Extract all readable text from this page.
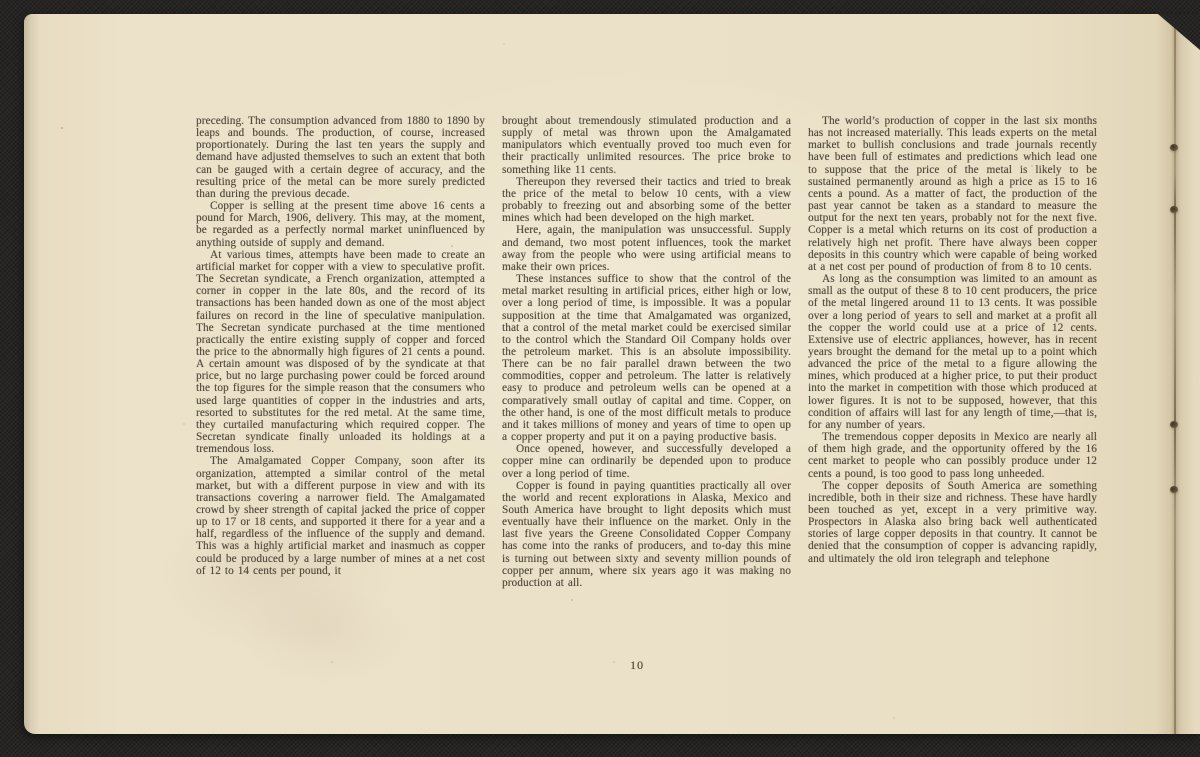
preceding. The consumption advanced from 1880 to 1890 by leaps and bounds. The production, of course, increased proportionately. During the last ten years the supply and demand have adjusted themselves to such an extent that both can be gauged with a certain degree of accuracy, and the resulting price of the metal can be more surely predicted than during the previous decade.

Copper is selling at the present time above 16 cents a pound for March, 1906, delivery. This may, at the moment, be regarded as a perfectly normal market uninfluenced by anything outside of supply and demand.

At various times, attempts have been made to create an artificial market for copper with a view to speculative profit. The Secretan syndicate, a French organization, attempted a corner in copper in the late 80s, and the record of its transactions has been handed down as one of the most abject failures on record in the line of speculative manipulation. The Secretan syndicate purchased at the time mentioned practically the entire existing supply of copper and forced the price to the abnormally high figures of 21 cents a pound. A certain amount was disposed of by the syndicate at that price, but no large purchasing power could be forced around the top figures for the simple reason that the consumers who used large quantities of copper in the industries and arts, resorted to substitutes for the red metal. At the same time, they curtailed manufacturing which required copper. The Secretan syndicate finally unloaded its holdings at a tremendous loss.

The Amalgamated Copper Company, soon after its organization, attempted a similar control of the metal market, but with a different purpose in view and with its transactions covering a narrower field. The Amalgamated crowd by sheer strength of capital jacked the price of copper up to 17 or 18 cents, and supported it there for a year and a half, regardless of the influence of the supply and demand. This was a highly artificial market and inasmuch as copper could be produced by a large number of mines at a net cost of 12 to 14 cents per pound, it

brought about tremendously stimulated production and a supply of metal was thrown upon the Amalgamated manipulators which eventually proved too much even for their practically unlimited resources. The price broke to something like 11 cents.

Thereupon they reversed their tactics and tried to break the price of the metal to below 10 cents, with a view probably to freezing out and absorbing some of the better mines which had been developed on the high market.

Here, again, the manipulation was unsuccessful. Supply and demand, two most potent influences, took the market away from the people who were using artificial means to make their own prices.

These instances suffice to show that the control of the metal market resulting in artificial prices, either high or low, over a long period of time, is impossible. It was a popular supposition at the time that Amalgamated was organized, that a control of the metal market could be exercised similar to the control which the Standard Oil Company holds over the petroleum market. This is an absolute impossibility. There can be no fair parallel drawn between the two commodities, copper and petroleum. The latter is relatively easy to produce and petroleum wells can be opened at a comparatively small outlay of capital and time. Copper, on the other hand, is one of the most difficult metals to produce and it takes millions of money and years of time to open up a copper property and put it on a paying productive basis.

Once opened, however, and successfully developed a copper mine can ordinarily be depended upon to produce over a long period of time.

Copper is found in paying quantities practically all over the world and recent explorations in Alaska, Mexico and South America have brought to light deposits which must eventually have their influence on the market. Only in the last five years the Greene Consolidated Copper Company has come into the ranks of producers, and to-day this mine is turning out between sixty and seventy million pounds of copper per annum, where six years ago it was making no production at all.

The world’s production of copper in the last six months has not increased materially. This leads experts on the metal market to bullish conclusions and trade journals recently have been full of estimates and predictions which lead one to suppose that the price of the metal is likely to be sustained permanently around as high a price as 15 to 16 cents a pound. As a matter of fact, the production of the past year cannot be taken as a standard to measure the output for the next ten years, probably not for the next five. Copper is a metal which returns on its cost of production a relatively high net profit. There have always been copper deposits in this country which were capable of being worked at a net cost per pound of production of from 8 to 10 cents.

As long as the consumption was limited to an amount as small as the output of these 8 to 10 cent producers, the price of the metal lingered around 11 to 13 cents. It was possible over a long period of years to sell and market at a profit all the copper the world could use at a price of 12 cents. Extensive use of electric appliances, however, has in recent years brought the demand for the metal up to a point which advanced the price of the metal to a figure allowing the mines, which produced at a higher price, to put their product into the market in competition with those which produced at lower figures. It is not to be supposed, however, that this condition of affairs will last for any length of time,—that is, for any number of years.

The tremendous copper deposits in Mexico are nearly all of them high grade, and the opportunity offered by the 16 cent market to people who can possibly produce under 12 cents a pound, is too good to pass long unheeded.

The copper deposits of South America are something incredible, both in their size and richness. These have hardly been touched as yet, except in a very primitive way. Prospectors in Alaska also bring back well authenticated stories of large copper deposits in that country. It cannot be denied that the consumption of copper is advancing rapidly, and ultimately the old iron telegraph and telephone

10
